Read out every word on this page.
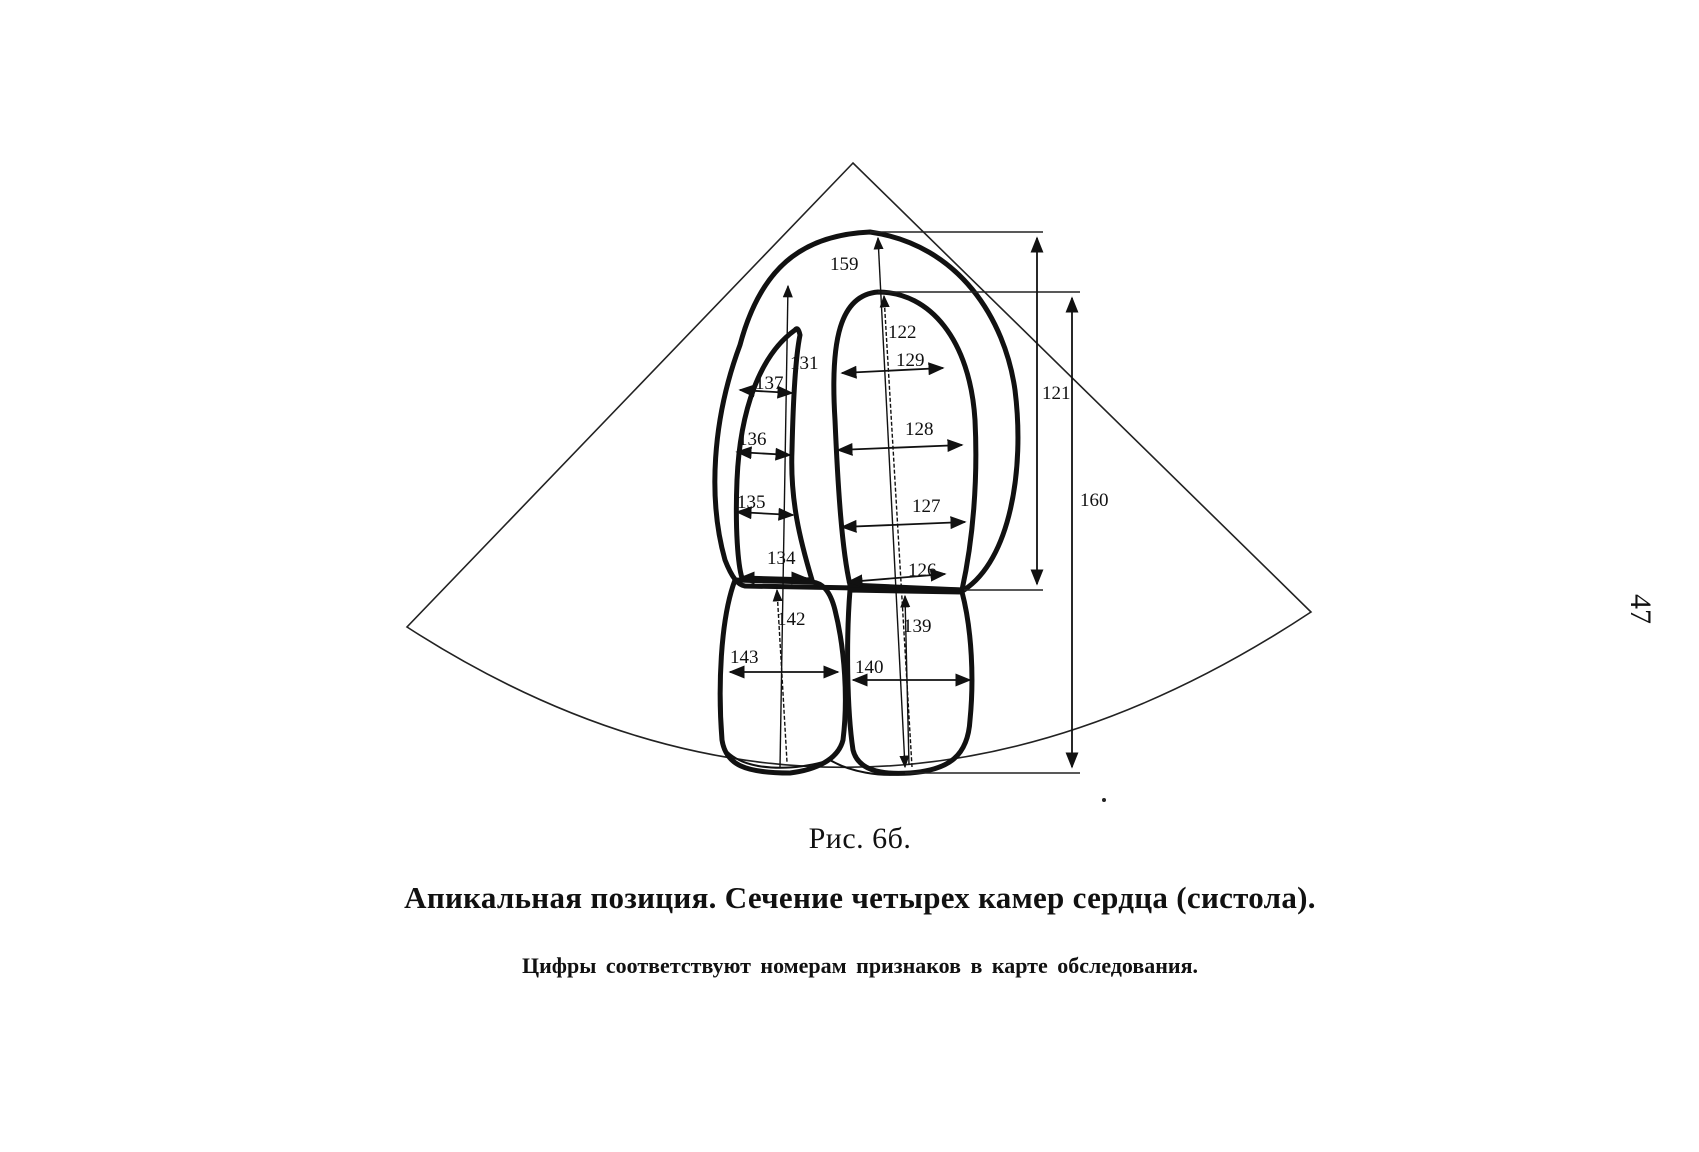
159
122
129
128
127
126
121
160
131
137
136
135
134
142
143
139
140
Рис. 6б.
Апикальная позиция. Сечение четырех камер сердца (систола).
Цифры соответствуют номерам признаков в карте обследования.
47
